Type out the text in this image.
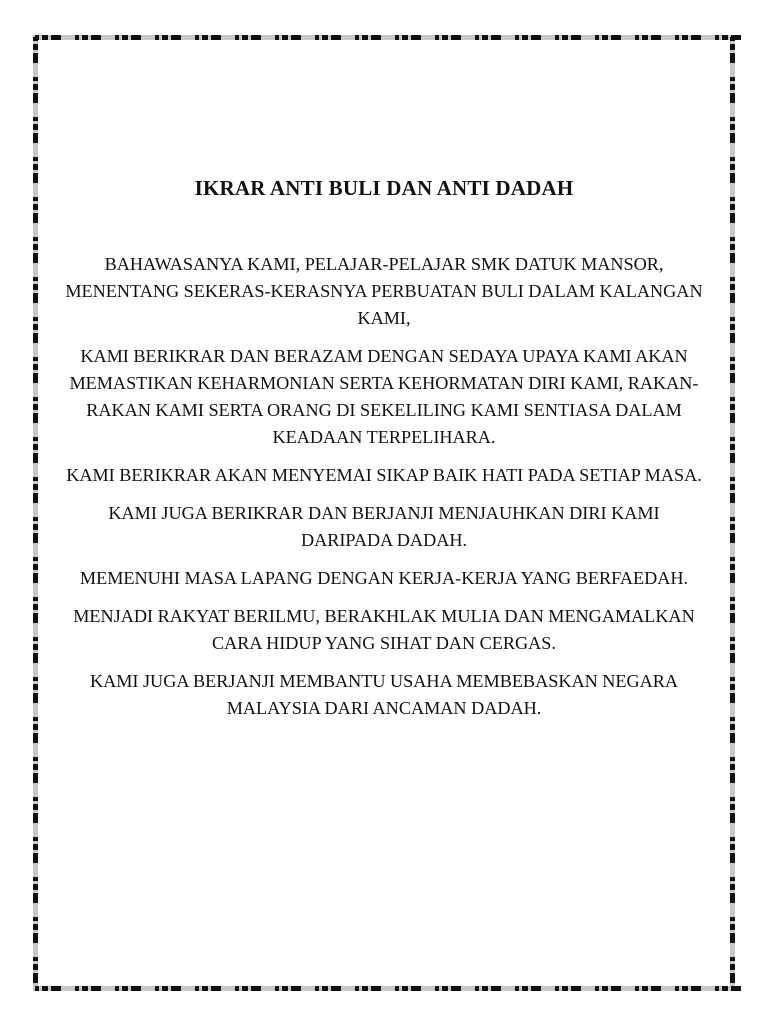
IKRAR ANTI BULI DAN ANTI DADAH

BAHAWASANYA KAMI, PELAJAR-PELAJAR SMK DATUK MANSOR, MENENTANG SEKERAS-KERASNYA PERBUATAN BULI DALAM KALANGAN KAMI,

KAMI BERIKRAR DAN BERAZAM DENGAN SEDAYA UPAYA KAMI AKAN MEMASTIKAN KEHARMONIAN SERTA KEHORMATAN DIRI KAMI, RAKAN-RAKAN KAMI SERTA ORANG DI SEKELILING KAMI SENTIASA DALAM KEADAAN TERPELIHARA.

KAMI BERIKRAR AKAN MENYEMAI SIKAP BAIK HATI PADA SETIAP MASA.

KAMI JUGA BERIKRAR DAN BERJANJI MENJAUHKAN DIRI KAMI DARIPADA DADAH.

MEMENUHI MASA LAPANG DENGAN KERJA-KERJA YANG BERFAEDAH.

MENJADI RAKYAT BERILMU, BERAKHLAK MULIA DAN MENGAMALKAN CARA HIDUP YANG SIHAT DAN CERGAS.

KAMI JUGA BERJANJI MEMBANTU USAHA MEMBEBASKAN NEGARA MALAYSIA DARI ANCAMAN DADAH.
